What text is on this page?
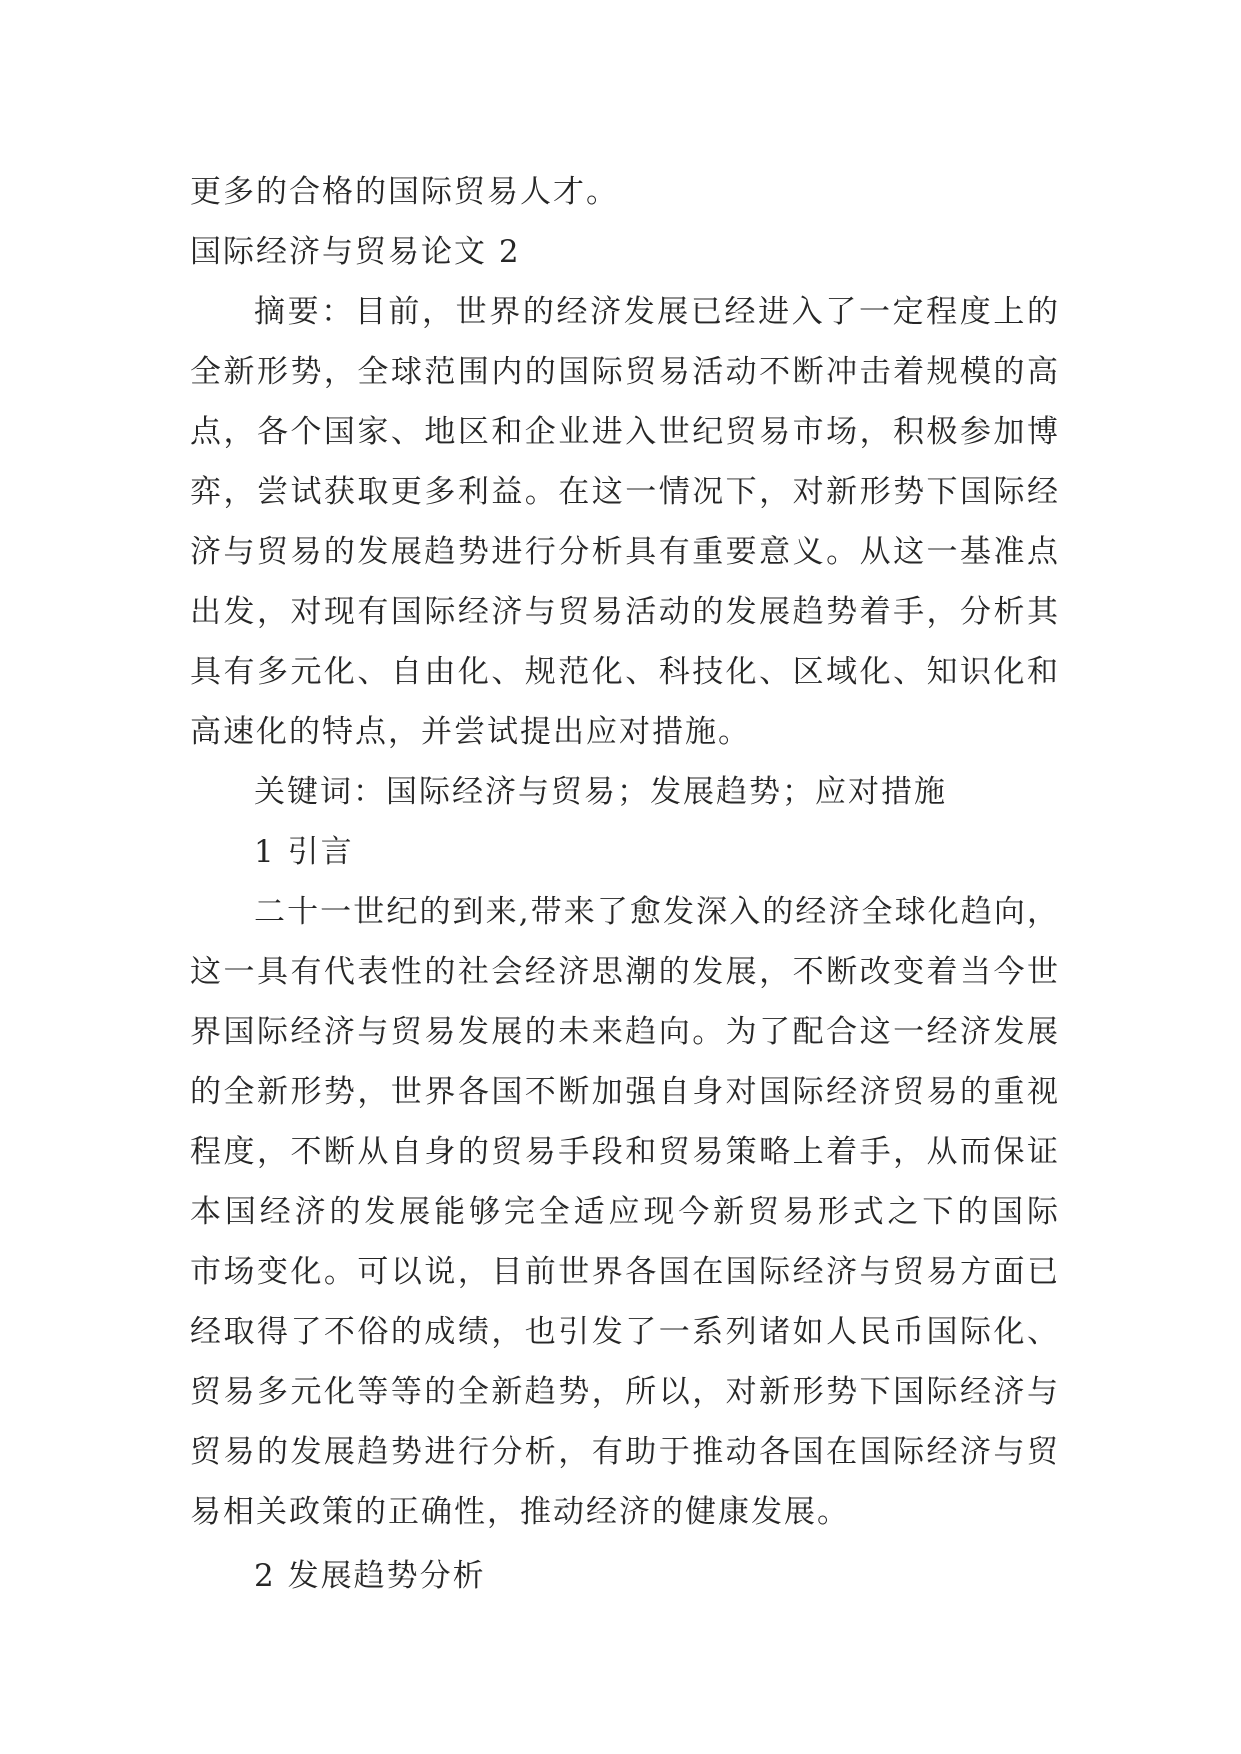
更多的合格的国际贸易人才。
国际经济与贸易论文 2
摘要：目前，世界的经济发展已经进入了一定程度上的
全新形势，全球范围内的国际贸易活动不断冲击着规模的高
点，各个国家、地区和企业进入世纪贸易市场，积极参加博
弈，尝试获取更多利益。在这一情况下，对新形势下国际经
济与贸易的发展趋势进行分析具有重要意义。从这一基准点
出发，对现有国际经济与贸易活动的发展趋势着手，分析其
具有多元化、自由化、规范化、科技化、区域化、知识化和
高速化的特点，并尝试提出应对措施。
关键词：国际经济与贸易；发展趋势；应对措施
1 引言
二十一世纪的到来,带来了愈发深入的经济全球化趋向，
这一具有代表性的社会经济思潮的发展，不断改变着当今世
界国际经济与贸易发展的未来趋向。为了配合这一经济发展
的全新形势，世界各国不断加强自身对国际经济贸易的重视
程度，不断从自身的贸易手段和贸易策略上着手，从而保证
本国经济的发展能够完全适应现今新贸易形式之下的国际
市场变化。可以说，目前世界各国在国际经济与贸易方面已
经取得了不俗的成绩，也引发了一系列诸如人民币国际化、
贸易多元化等等的全新趋势，所以，对新形势下国际经济与
贸易的发展趋势进行分析，有助于推动各国在国际经济与贸
易相关政策的正确性，推动经济的健康发展。
2 发展趋势分析
